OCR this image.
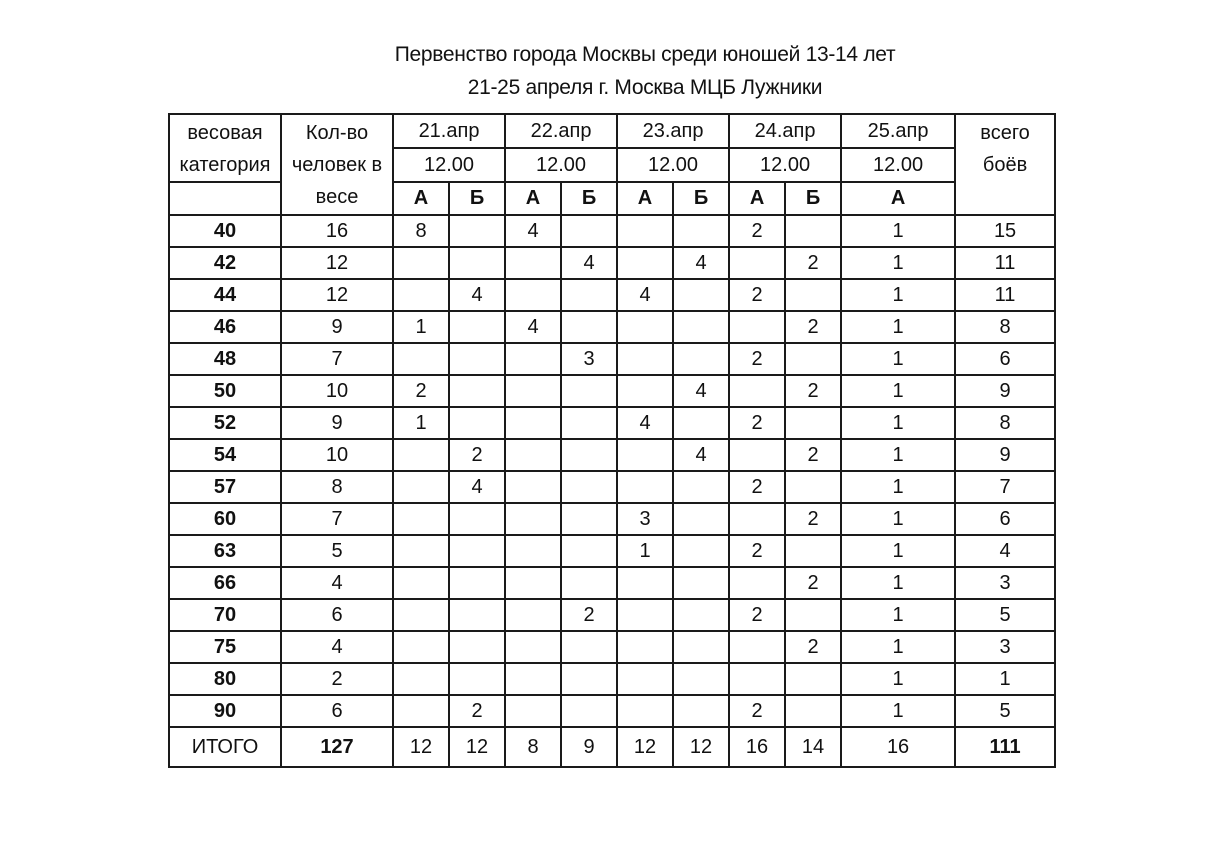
Первенство города Москвы среди юношей 13-14 лет
21-25 апреля г. Москва МЦБ Лужники
весовая категория	Кол-во человек в весе	21.апр		22.апр		23.апр		24.апр		25.апр	всего боёв
		12.00		12.00		12.00		12.00		12.00	
		А	Б	А	Б	А	Б	А	Б	А	
40	16	8		4				2		1	15
42	12				4		4		2	1	11
44	12		4			4		2		1	11
46	9	1		4					2	1	8
48	7				3			2		1	6
50	10	2					4		2	1	9
52	9	1				4		2		1	8
54	10		2				4		2	1	9
57	8		4					2		1	7
60	7					3			2	1	6
63	5					1		2		1	4
66	4								2	1	3
70	6				2			2		1	5
75	4								2	1	3
80	2									1	1
90	6		2					2		1	5
ИТОГО	127	12	12	8	9	12	12	16	14	16	111
